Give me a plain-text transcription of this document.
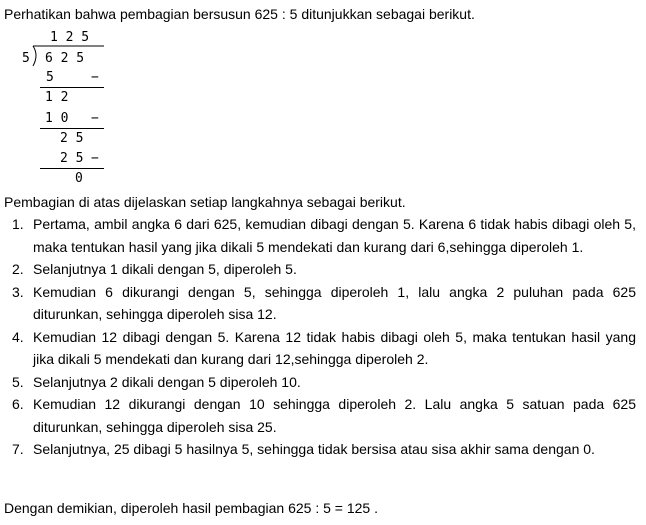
Perhatikan bahwa pembagian bersusun 625 : 5 ditunjukkan sebagai berikut.
1 2 5
5 6 2 5
5	−
1 2
1 0 −
2 5
2 5 −
0
Pembagian di atas dijelaskan setiap langkahnya sebagai berikut.
1. Pertama, ambil angka 6 dari 625, kemudian dibagi dengan 5. Karena 6 tidak habis dibagi oleh 5, maka tentukan hasil yang jika dikali 5 mendekati dan kurang dari 6,sehingga diperoleh 1.
2. Selanjutnya 1 dikali dengan 5, diperoleh 5.
3. Kemudian 6 dikurangi dengan 5, sehingga diperoleh 1, lalu angka 2 puluhan pada 625 diturunkan, sehingga diperoleh sisa 12.
4. Kemudian 12 dibagi dengan 5. Karena 12 tidak habis dibagi oleh 5, maka tentukan hasil yang jika dikali 5 mendekati dan kurang dari 12,sehingga diperoleh 2.
5. Selanjutnya 2 dikali dengan 5 diperoleh 10.
6. Kemudian 12 dikurangi dengan 10 sehingga diperoleh 2. Lalu angka 5 satuan pada 625 diturunkan, sehingga diperoleh sisa 25.
7. Selanjutnya, 25 dibagi 5 hasilnya 5, sehingga tidak bersisa atau sisa akhir sama dengan 0.
Dengan demikian, diperoleh hasil pembagian 625 : 5 = 125 .
